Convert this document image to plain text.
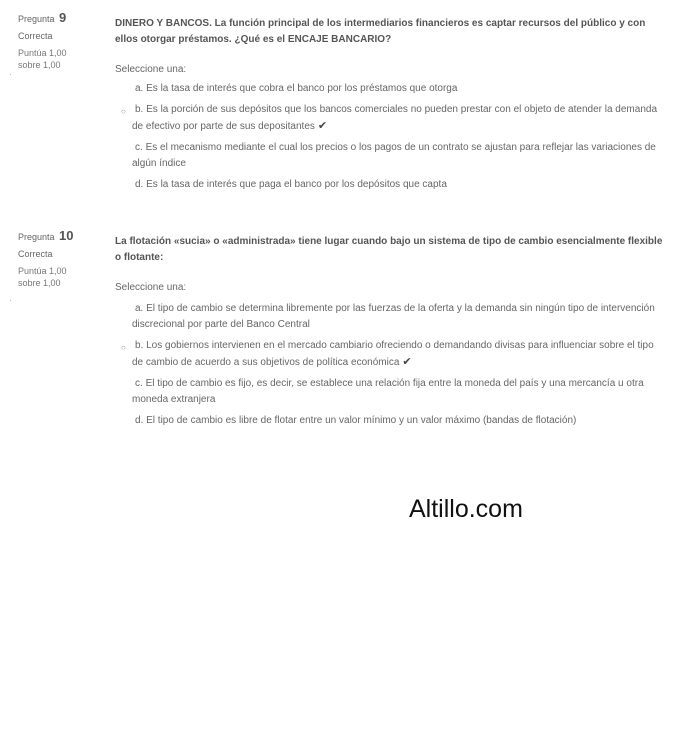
Pregunta 9
Correcta
Puntúa 1,00
sobre 1,00
DINERO Y BANCOS. La función principal de los intermediarios financieros es captar recursos del público y con ellos otorgar préstamos. ¿Qué es el ENCAJE BANCARIO?
Seleccione una:
a. Es la tasa de interés que cobra el banco por los préstamos que otorga
○ b. Es la porción de sus depósitos que los bancos comerciales no pueden prestar con el objeto de atender la demanda de efectivo por parte de sus depositantes ✔
c. Es el mecanismo mediante el cual los precios o los pagos de un contrato se ajustan para reflejar las variaciones de algún índice
d. Es la tasa de interés que paga el banco por los depósitos que capta
Pregunta 10
Correcta
Puntúa 1,00
sobre 1,00
La flotación «sucia» o «administrada» tiene lugar cuando bajo un sistema de tipo de cambio esencialmente flexible o flotante:
Seleccione una:
a. El tipo de cambio se determina libremente por las fuerzas de la oferta y la demanda sin ningún tipo de intervención discrecional por parte del Banco Central
○ b. Los gobiernos intervienen en el mercado cambiario ofreciendo o demandando divisas para influenciar sobre el tipo de cambio de acuerdo a sus objetivos de política económica ✔
c. El tipo de cambio es fijo, es decir, se establece una relación fija entre la moneda del país y una mercancía u otra moneda extranjera
d. El tipo de cambio es libre de flotar entre un valor mínimo y un valor máximo (bandas de flotación)
Altillo.com
